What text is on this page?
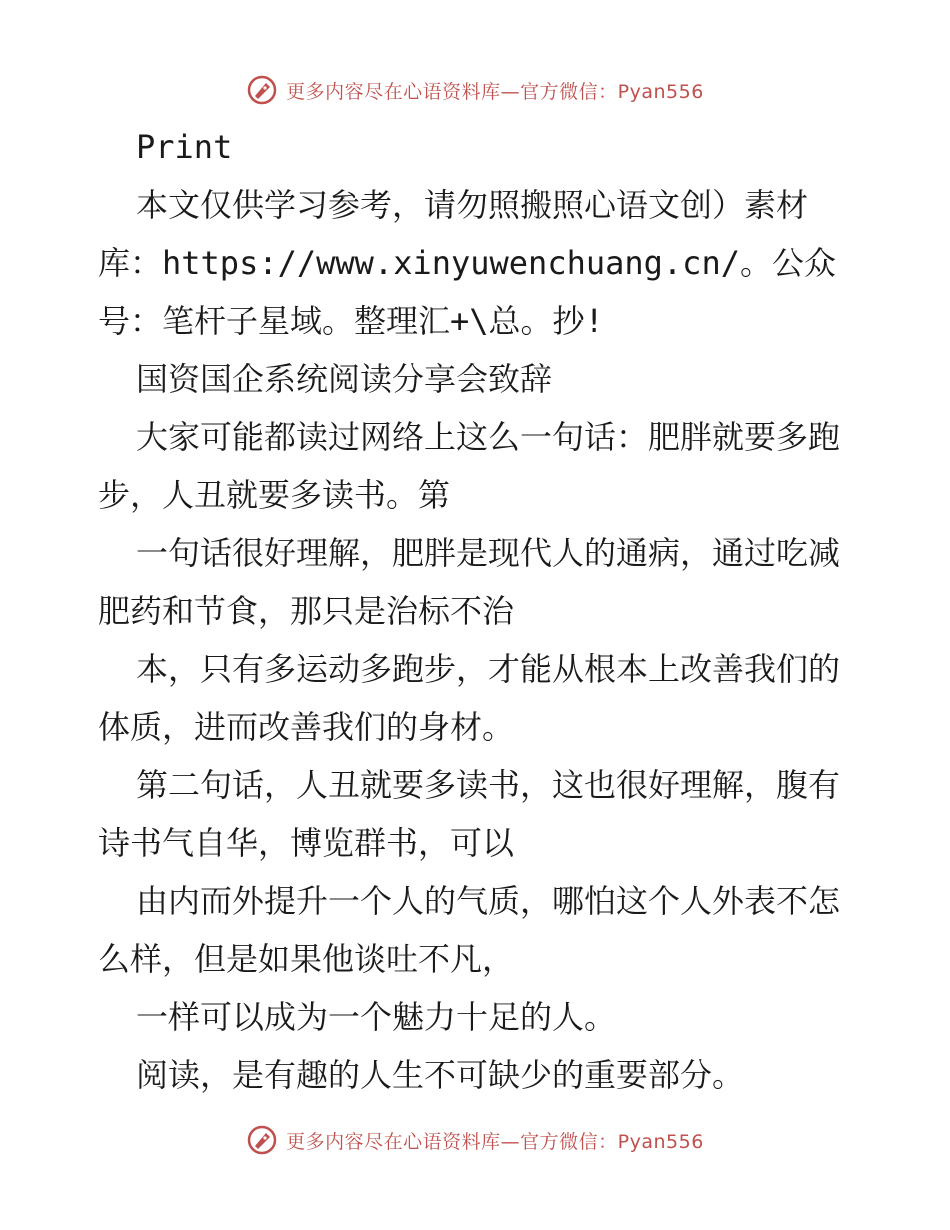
更多内容尽在心语资料库—官方微信：Pyan556

Print

本文仅供学习参考，请勿照搬照心语文创）素材库：https://www.xinyuwenchuang.cn/。公众号：笔杆子星域。整理汇+\总。抄!

国资国企系统阅读分享会致辞

大家可能都读过网络上这么一句话：肥胖就要多跑步，人丑就要多读书。第

一句话很好理解，肥胖是现代人的通病，通过吃减肥药和节食，那只是治标不治

本，只有多运动多跑步，才能从根本上改善我们的体质，进而改善我们的身材。

第二句话，人丑就要多读书，这也很好理解，腹有诗书气自华，博览群书，可以

由内而外提升一个人的气质，哪怕这个人外表不怎么样，但是如果他谈吐不凡，

一样可以成为一个魅力十足的人。

阅读，是有趣的人生不可缺少的重要部分。

更多内容尽在心语资料库—官方微信：Pyan556
